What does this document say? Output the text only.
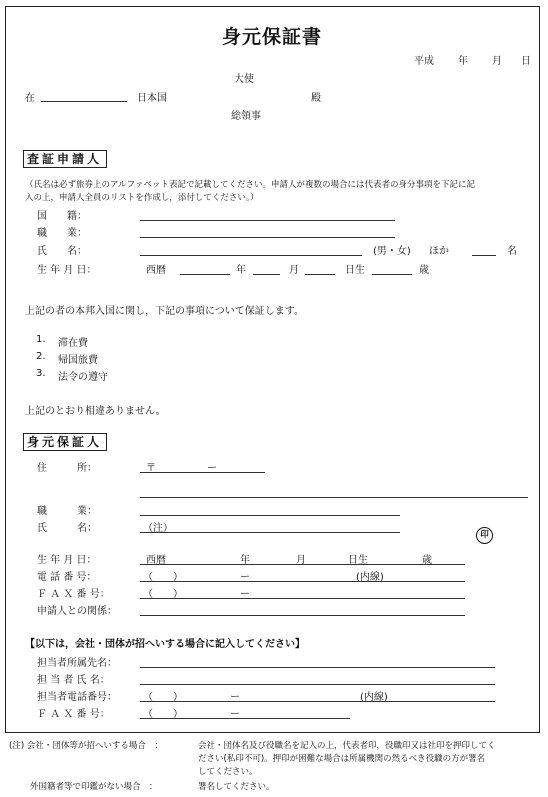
身元保証書
平成 年 月 日
大使
在	日本国	殿
総領事
査証申請人
（氏名は必ず旅券上のアルファベット表記で記載してください。申請人が複数の場合には代表者の身分事項を下記に記
入の上，申請人全員のリストを作成し，添付してください。）
国　　籍：
職　　業：
氏　　名：	(男・女) ほか	名
生 年 月 日：	西暦	年	月	日生	歳
上記の者の本邦入国に関し，下記の事項について保証します。
1. 滞在費
2. 帰国旅費
3. 法令の遵守
上記のとおり相違ありません。
身元保証人
住　　　所：	〒	ー
職　　　業：
氏　　　名：	（注）
印
生 年 月 日：	西暦	年	月	日生	歳
電 話 番 号：	（　　）	ー	(内線)
Ｆ Ａ Ｘ 番 号：	（　　）	ー
申請人との関係：
【以下は，会社・団体が招へいする場合に記入してください】
担当者所属先名：
担 当 者 氏 名：
担当者電話番号：	（　　）	ー	(内線)
Ｆ Ａ Ｘ 番 号：	（　　）	ー
(注) 会社・団体等が招へいする場合　：	会社・団体名及び役職名を記入の上，代表者印，役職印又は社印を押印してく
ださい(私印不可)。押印が困難な場合は所属機関の然るべき役職の方が署名
してください。
外国籍者等で印鑑がない場合　：	署名してください。
